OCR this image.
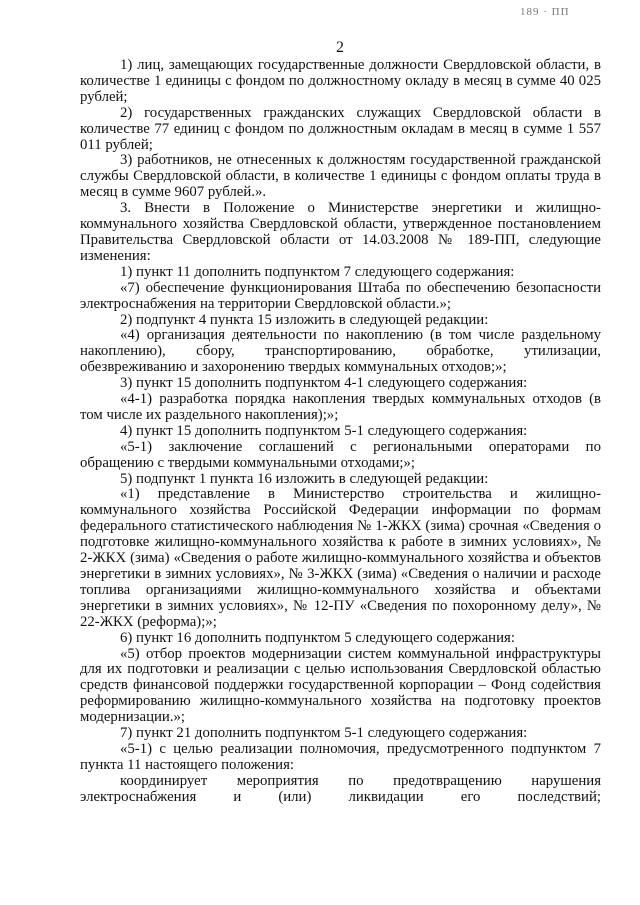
189 · ПП
2

1) лиц, замещающих государственные должности Свердловской области, в количестве 1 единицы с фондом по должностному окладу в месяц в сумме 40 025 рублей;

2) государственных гражданских служащих Свердловской области в количестве 77 единиц с фондом по должностным окладам в месяц в сумме 1 557 011 рублей;

3) работников, не отнесенных к должностям государственной гражданской службы Свердловской области, в количестве 1 единицы с фондом оплаты труда в месяц в сумме 9607 рублей.».

3. Внести в Положение о Министерстве энергетики и жилищно-коммунального хозяйства Свердловской области, утвержденное постановлением Правительства Свердловской области от 14.03.2008 № 189-ПП, следующие изменения:

1) пункт 11 дополнить подпунктом 7 следующего содержания:

«7) обеспечение функционирования Штаба по обеспечению безопасности электроснабжения на территории Свердловской области.»;

2) подпункт 4 пункта 15 изложить в следующей редакции:

«4) организация деятельности по накоплению (в том числе раздельному накоплению), сбору, транспортированию, обработке, утилизации, обезвреживанию и захоронению твердых коммунальных отходов;»;

3) пункт 15 дополнить подпунктом 4-1 следующего содержания:

«4-1) разработка порядка накопления твердых коммунальных отходов (в том числе их раздельного накопления);»;

4) пункт 15 дополнить подпунктом 5-1 следующего содержания:

«5-1) заключение соглашений с региональными операторами по обращению с твердыми коммунальными отходами;»;

5) подпункт 1 пункта 16 изложить в следующей редакции:

«1) представление в Министерство строительства и жилищно-коммунального хозяйства Российской Федерации информации по формам федерального статистического наблюдения № 1-ЖКХ (зима) срочная «Сведения о подготовке жилищно-коммунального хозяйства к работе в зимних условиях», № 2-ЖКХ (зима) «Сведения о работе жилищно-коммунального хозяйства и объектов энергетики в зимних условиях», № 3-ЖКХ (зима) «Сведения о наличии и расходе топлива организациями жилищно-коммунального хозяйства и объектами энергетики в зимних условиях», № 12-ПУ «Сведения по похоронному делу», № 22-ЖКХ (реформа);»;

6) пункт 16 дополнить подпунктом 5 следующего содержания:

«5) отбор проектов модернизации систем коммунальной инфраструктуры для их подготовки и реализации с целью использования Свердловской областью средств финансовой поддержки государственной корпорации – Фонд содействия реформированию жилищно-коммунального хозяйства на подготовку проектов модернизации.»;

7) пункт 21 дополнить подпунктом 5-1 следующего содержания:

«5-1) с целью реализации полномочия, предусмотренного подпунктом 7 пункта 11 настоящего положения:

координирует мероприятия по предотвращению нарушения электроснабжения и (или) ликвидации его последствий;
